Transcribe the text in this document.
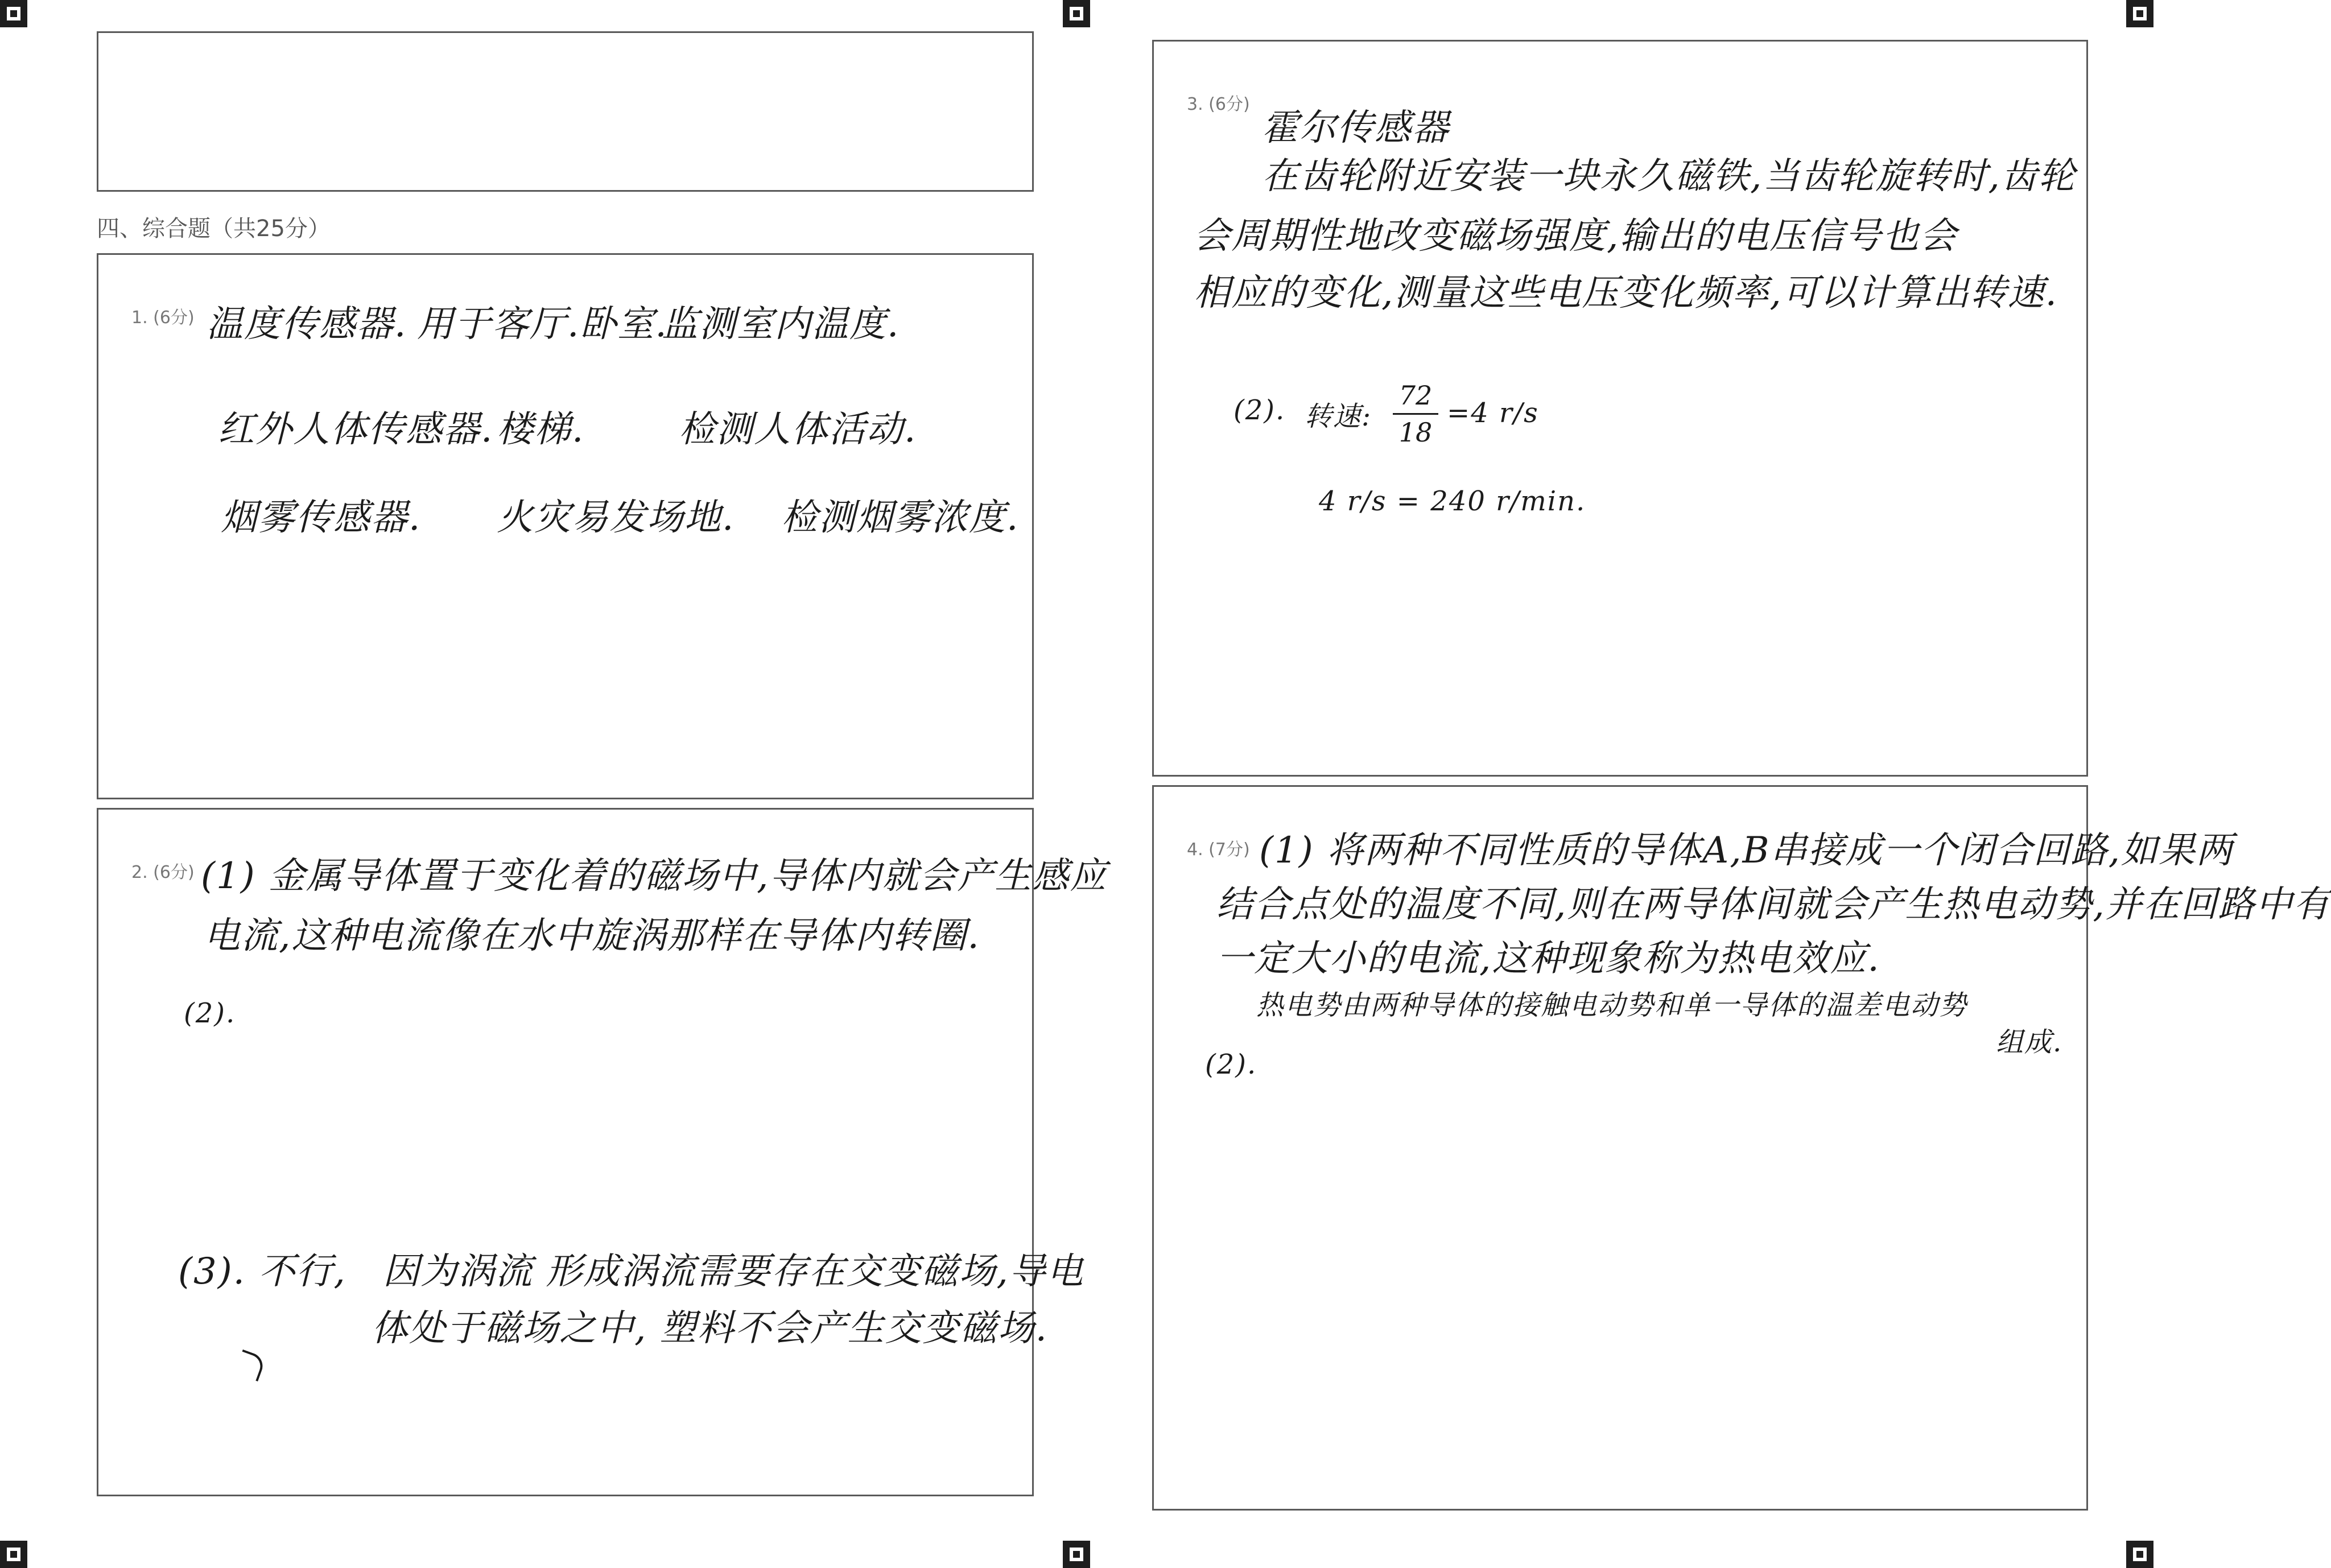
四、综合题（共25分）
1. (6分) 温度传感器. 用于客厅.卧室.
监测室内温度.
红外人体传感器. 楼梯.	检测人体活动.
烟雾传感器. 火灾易发场地. 检测烟雾浓度.
2. (6分) (1) 金属导体置于变化着的磁场中,导体内就会产生感应
电流,这种电流像在水中旋涡那样在导体内转圈.
(2).
(3). 不行, 因为涡流 形成涡流需要存在交变磁场,导电
体处于磁场之中, 塑料不会产生交变磁场.
3. (6分)
霍尔传感器
在齿轮附近安装一块永久磁铁,当齿轮旋转时,齿轮
会周期性地改变磁场强度,输出的电压信号也会
相应的变化,测量这些电压变化频率,可以计算出转速.
(2). 转速:
72
18
=4 r/s
4 r/s = 240 r/min.
4. (7分) (1) 将两种不同性质的导体A,B串接成一个闭合回路,如果两
结合点处的温度不同,则在两导体间就会产生热电动势,并在回路中有
一定大小的电流,这种现象称为热电效应.
热电势由两种导体的接触电动势和单一导体的温差电动势
组成.
(2).
